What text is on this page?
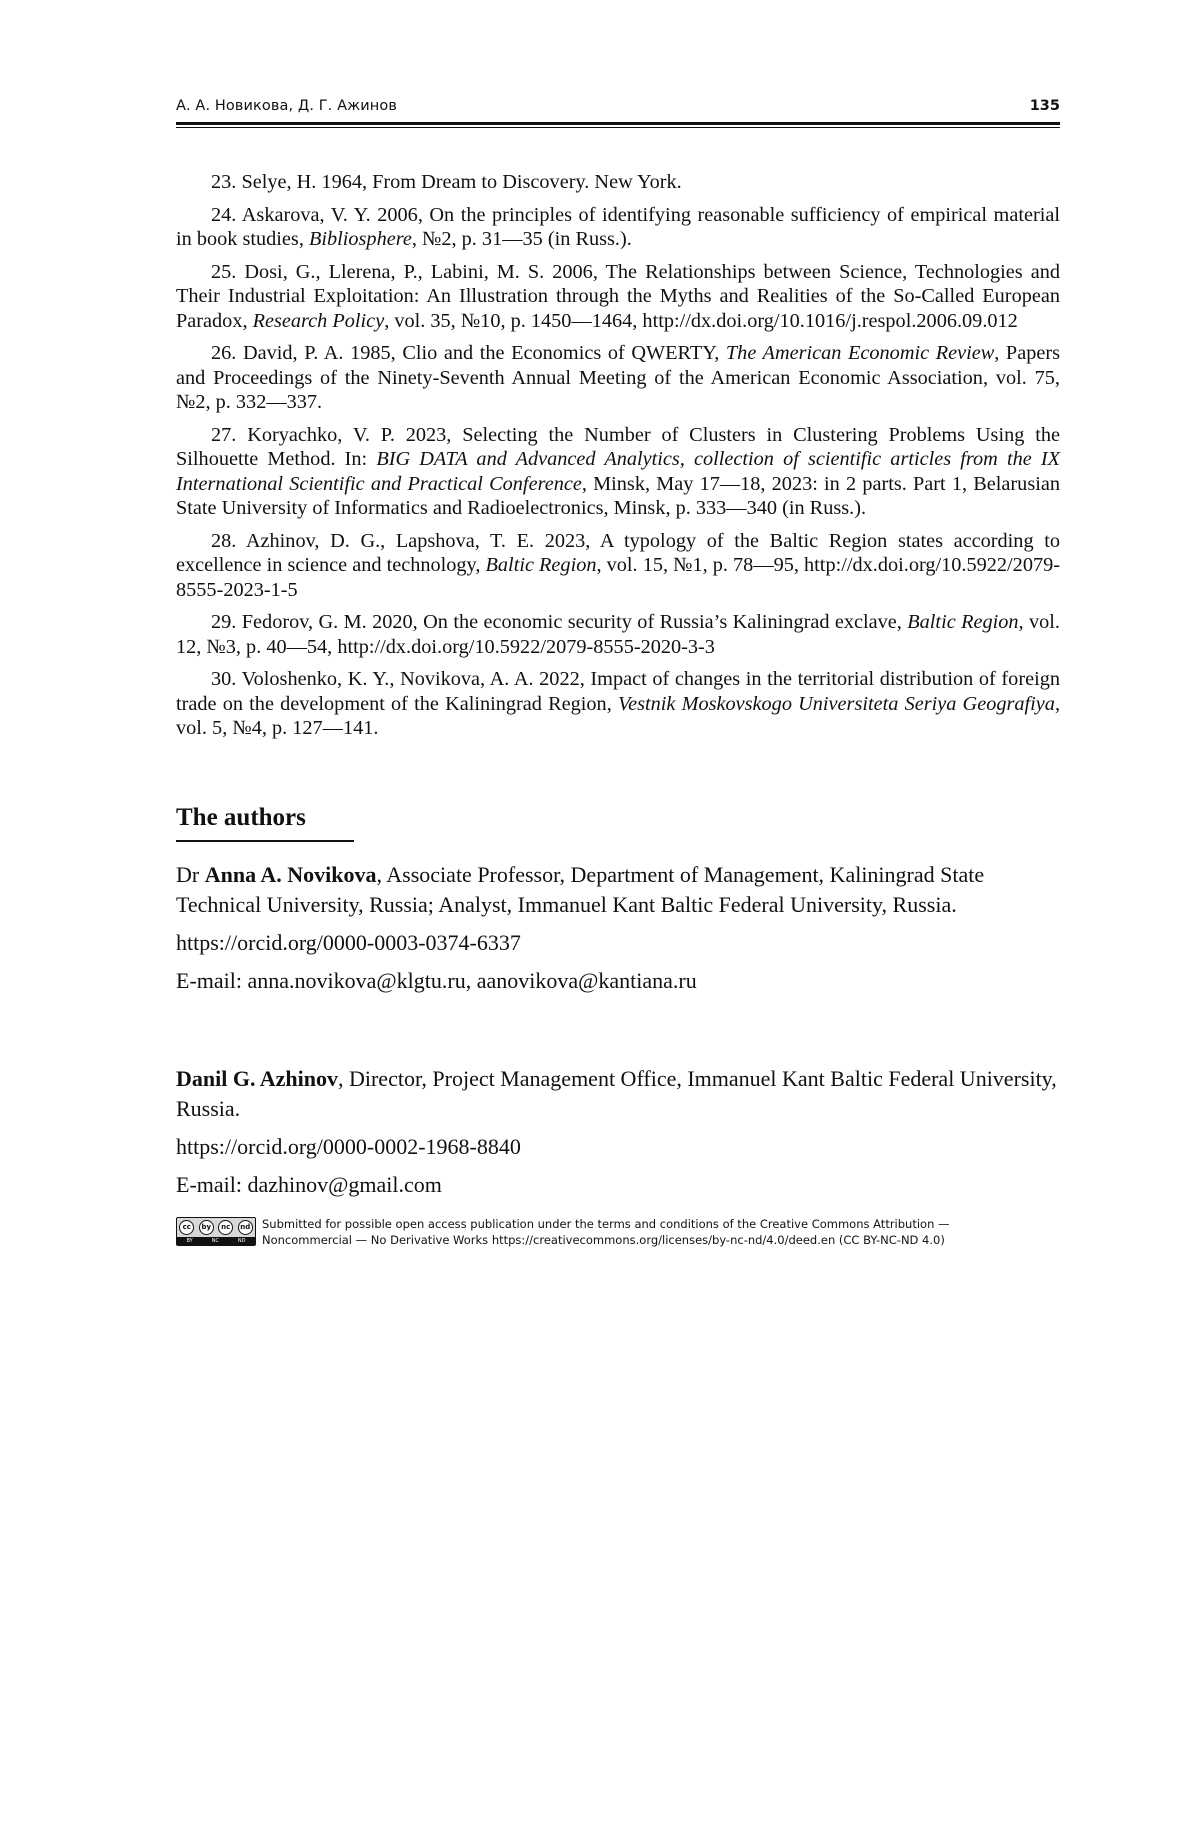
А. А. Новикова, Д. Г. Ажинов	135

23. Selye, H. 1964, From Dream to Discovery. New York.

24. Askarova, V. Y. 2006, On the principles of identifying reasonable sufficiency of empirical material in book studies, Bibliosphere, №2, p. 31—35 (in Russ.).

25. Dosi, G., Llerena, P., Labini, M. S. 2006, The Relationships between Science, Technologies and Their Industrial Exploitation: An Illustration through the Myths and Realities of the So-Called European Paradox, Research Policy, vol. 35, №10, p. 1450—1464, http://dx.doi.org/10.1016/j.respol.2006.09.012

26. David, P. A. 1985, Clio and the Economics of QWERTY, The American Economic Review, Papers and Proceedings of the Ninety-Seventh Annual Meeting of the American Economic Association, vol. 75, №2, p. 332—337.

27. Koryachko, V. P. 2023, Selecting the Number of Clusters in Clustering Problems Using the Silhouette Method. In: BIG DATA and Advanced Analytics, collection of scientific articles from the IX International Scientific and Practical Conference, Minsk, May 17—18, 2023: in 2 parts. Part 1, Belarusian State University of Informatics and Radioelectronics, Minsk, p. 333—340 (in Russ.).

28. Azhinov, D. G., Lapshova, T. E. 2023, A typology of the Baltic Region states according to excellence in science and technology, Baltic Region, vol. 15, №1, p. 78—95, http://dx.doi.org/10.5922/2079-8555-2023-1-5

29. Fedorov, G. M. 2020, On the economic security of Russia’s Kaliningrad exclave, Baltic Region, vol. 12, №3, p. 40—54, http://dx.doi.org/10.5922/2079-8555-2020-3-3

30. Voloshenko, K. Y., Novikova, A. A. 2022, Impact of changes in the territorial distribution of foreign trade on the development of the Kaliningrad Region, Vestnik Moskovskogo Universiteta Seriya Geografiya, vol. 5, №4, p. 127—141.

The authors

Dr Anna A. Novikova, Associate Professor, Department of Management, Kaliningrad State Technical University, Russia; Analyst, Immanuel Kant Baltic Federal University, Russia.

https://orcid.org/0000-0003-0374-6337

E-mail: anna.novikova@klgtu.ru, aanovikova@kantiana.ru

Danil G. Azhinov, Director, Project Management Office, Immanuel Kant Baltic Federal University, Russia.

https://orcid.org/0000-0002-1968-8840

E-mail: dazhinov@gmail.com

cc	by	nc	nd
BY	NC	ND

Submitted for possible open access publication under the terms and conditions of the Creative Commons Attribution —

Noncommercial — No Derivative Works https://creativecommons.org/licenses/by-nc-nd/4.0/deed.en (CC BY-NC-ND 4.0)
